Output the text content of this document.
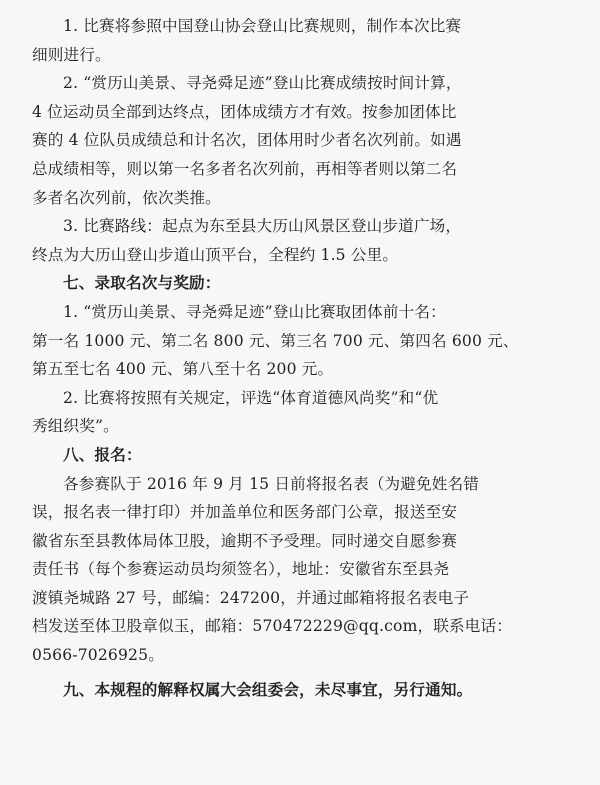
1. 比赛将参照中国登山协会登山比赛规则，制作本次比赛
细则进行。
2. “赏历山美景、寻尧舜足迹”登山比赛成绩按时间计算，
4 位运动员全部到达终点，团体成绩方才有效。按参加团体比
赛的 4 位队员成绩总和计名次，团体用时少者名次列前。如遇
总成绩相等，则以第一名多者名次列前，再相等者则以第二名
多者名次列前，依次类推。
3. 比赛路线：起点为东至县大历山风景区登山步道广场，
终点为大历山登山步道山顶平台，全程约 1.5 公里。
七、录取名次与奖励：
1. “赏历山美景、寻尧舜足迹”登山比赛取团体前十名：
第一名 1000 元、第二名 800 元、第三名 700 元、第四名 600 元、
第五至七名 400 元、第八至十名 200 元。
2. 比赛将按照有关规定，评选“体育道德风尚奖”和“优
秀组织奖”。
八、报名：
各参赛队于 2016 年 9 月 15 日前将报名表（为避免姓名错
误，报名表一律打印）并加盖单位和医务部门公章，报送至安
徽省东至县教体局体卫股，逾期不予受理。同时递交自愿参赛
责任书（每个参赛运动员均须签名），地址：安徽省东至县尧
渡镇尧城路 27 号，邮编：247200，并通过邮箱将报名表电子
档发送至体卫股章似玉，邮箱：570472229@qq.com，联系电话：
0566-7026925。
九、本规程的解释权属大会组委会，未尽事宜，另行通知。
